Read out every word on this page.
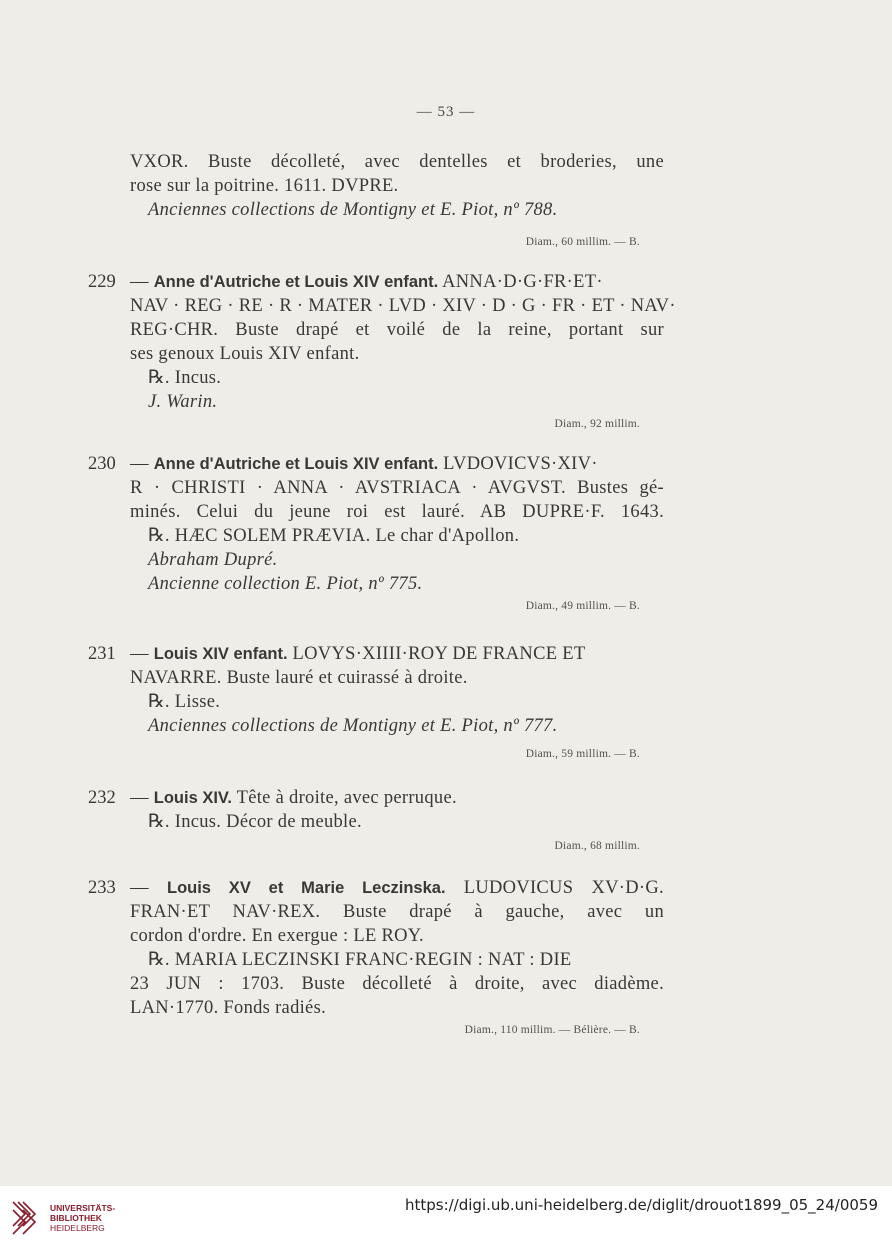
— 53 —
VXOR. Buste décolleté, avec dentelles et broderies, une
rose sur la poitrine. 1611. DVPRE.
Anciennes collections de Montigny et E. Piot, nº 788.
Diam., 60 millim. — B.
229 — Anne d'Autriche et Louis XIV enfant. ANNA·D·G·FR·ET·
NAV · REG · RE · R · MATER · LVD · XIV · D · G · FR · ET · NAV·
REG·CHR. Buste drapé et voilé de la reine, portant sur
ses genoux Louis XIV enfant.
℞. Incus.
J. Warin.
Diam., 92 millim.
230 — Anne d'Autriche et Louis XIV enfant. LVDOVICVS·XIV·
R · CHRISTI · ANNA · AVSTRIACA · AVGVST. Bustes gé-
minés. Celui du jeune roi est lauré. AB DUPRE·F. 1643.
℞. HÆC SOLEM PRÆVIA. Le char d'Apollon.
Abraham Dupré.
Ancienne collection E. Piot, nº 775.
Diam., 49 millim. — B.
231 — Louis XIV enfant. LOVYS·XIIII·ROY DE FRANCE ET
NAVARRE. Buste lauré et cuirassé à droite.
℞. Lisse.
Anciennes collections de Montigny et E. Piot, nº 777.
Diam., 59 millim. — B.
232 — Louis XIV. Tête à droite, avec perruque.
℞. Incus. Décor de meuble.
Diam., 68 millim.
233 — Louis XV et Marie Leczinska. LUDOVICUS XV·D·G.
FRAN·ET NAV·REX. Buste drapé à gauche, avec un
cordon d'ordre. En exergue : LE ROY.
℞. MARIA LECZINSKI FRANC·REGIN : NAT : DIE
23 JUN : 1703. Buste décolleté à droite, avec diadème.
LAN·1770. Fonds radiés.
Diam., 110 millim. — Bélière. — B.
UNIVERSITÄTS-
BIBLIOTHEK
HEIDELBERG
https://digi.ub.uni-heidelberg.de/diglit/drouot1899_05_24/0059
